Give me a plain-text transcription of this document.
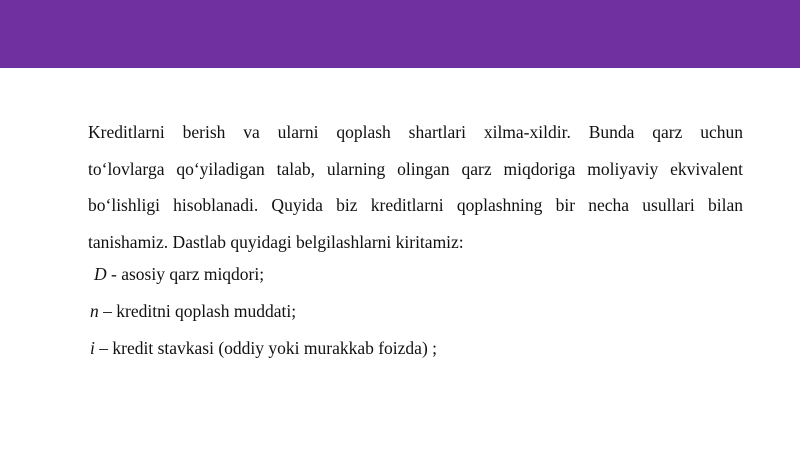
Kreditlarni berish va ularni qoplash shartlari xilma-xildir. Bunda qarz uchun
to‘lovlarga qo‘yiladigan talab, ularning olingan qarz miqdoriga moliyaviy ekvivalent
bo‘lishligi hisoblanadi. Quyida biz kreditlarni qoplashning bir necha usullari bilan
tanishamiz. Dastlab quyidagi belgilashlarni kiritamiz:
D - asosiy qarz miqdori;
n – kreditni qoplash muddati;
i – kredit stavkasi (oddiy yoki murakkab foizda) ;
